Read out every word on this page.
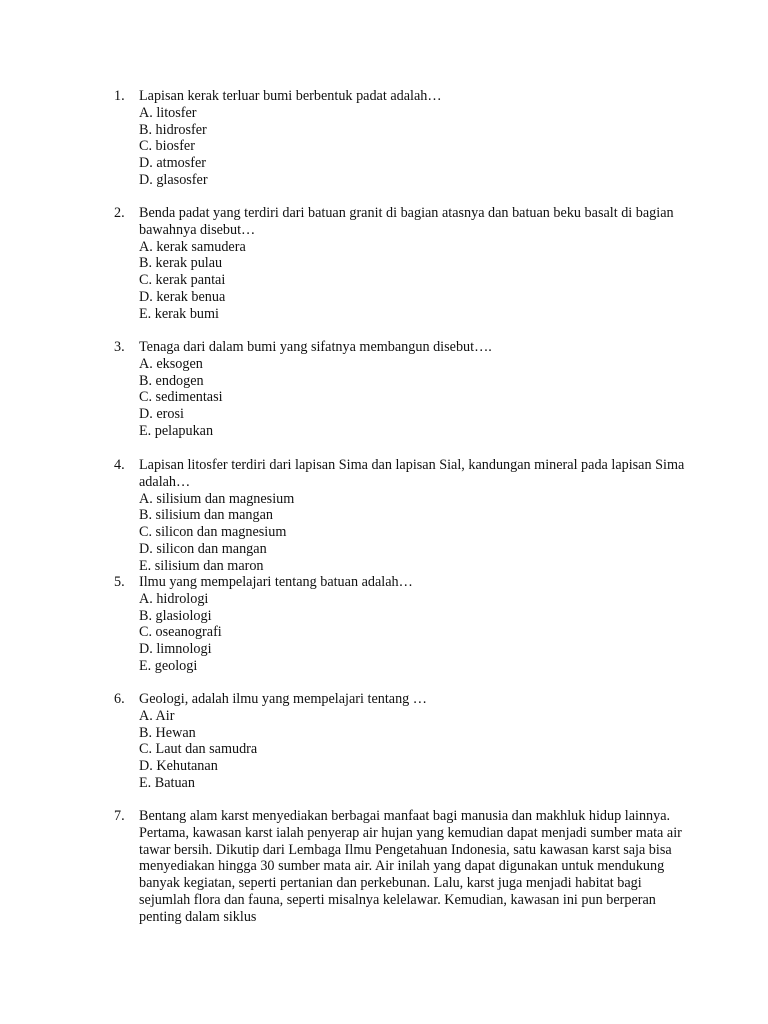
1.	Lapisan kerak terluar bumi berbentuk padat adalah…
A. litosfer
B. hidrosfer
C. biosfer
D. atmosfer
D. glasosfer
2.	Benda padat yang terdiri dari batuan granit di bagian atasnya dan batuan beku basalt di bagian bawahnya disebut…
A. kerak samudera
B. kerak pulau
C. kerak pantai
D. kerak benua
E. kerak bumi
3.	Tenaga dari dalam bumi yang sifatnya membangun disebut….
A. eksogen
B. endogen
C. sedimentasi
D. erosi
E. pelapukan
4.	Lapisan litosfer terdiri dari lapisan Sima dan lapisan Sial, kandungan mineral pada lapisan Sima adalah…
A. silisium dan magnesium
B. silisium dan mangan
C. silicon dan magnesium
D. silicon dan mangan
E. silisium dan maron
5.	Ilmu yang mempelajari tentang batuan adalah…
A. hidrologi
B. glasiologi
C. oseanografi
D. limnologi
E. geologi
6.	Geologi, adalah ilmu yang mempelajari tentang …
A. Air
B. Hewan
C. Laut dan samudra
D. Kehutanan
E. Batuan
7.	Bentang alam karst menyediakan berbagai manfaat bagi manusia dan makhluk hidup lainnya. Pertama, kawasan karst ialah penyerap air hujan yang kemudian dapat menjadi sumber mata air tawar bersih. Dikutip dari Lembaga Ilmu Pengetahuan Indonesia, satu kawasan karst saja bisa menyediakan hingga 30 sumber mata air. Air inilah yang dapat digunakan untuk mendukung banyak kegiatan, seperti pertanian dan perkebunan. Lalu, karst juga menjadi habitat bagi sejumlah flora dan fauna, seperti misalnya kelelawar. Kemudian, kawasan ini pun berperan penting dalam siklus
